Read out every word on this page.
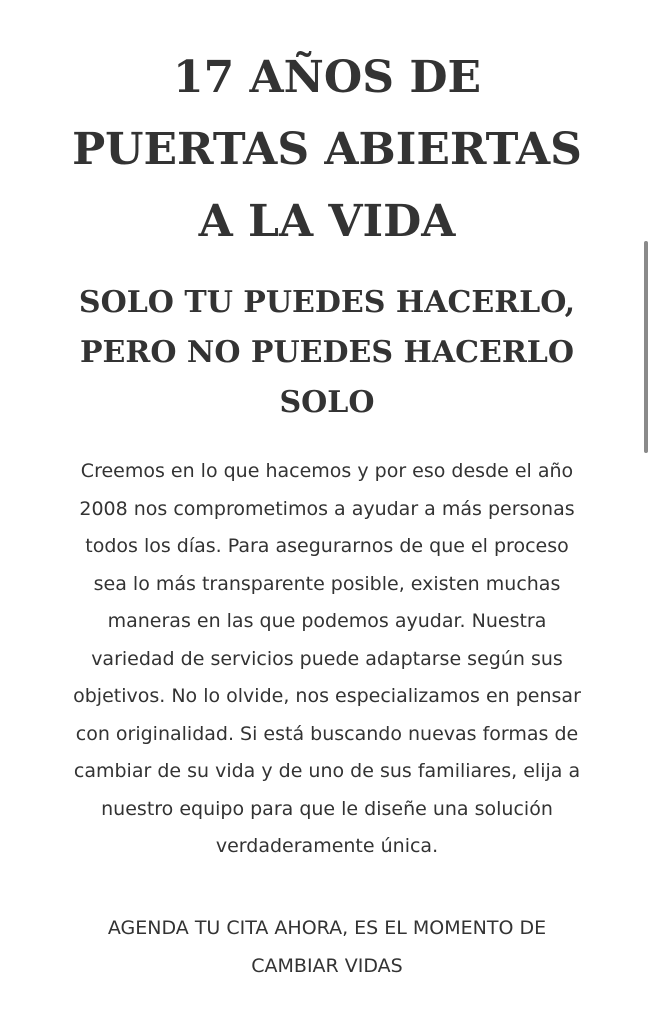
17 AÑOS DE
PUERTAS ABIERTAS
A LA VIDA
SOLO TU PUEDES HACERLO,
PERO NO PUEDES HACERLO
SOLO

Creemos en lo que hacemos y por eso desde el año
2008 nos comprometimos a ayudar a más personas
todos los días. Para asegurarnos de que el proceso
sea lo más transparente posible, existen muchas
maneras en las que podemos ayudar. Nuestra
variedad de servicios puede adaptarse según sus
objetivos. No lo olvide, nos especializamos en pensar
con originalidad. Si está buscando nuevas formas de
cambiar de su vida y de uno de sus familiares, elija a
nuestro equipo para que le diseñe una solución
verdaderamente única.

AGENDA TU CITA AHORA, ES EL MOMENTO DE
CAMBIAR VIDAS
